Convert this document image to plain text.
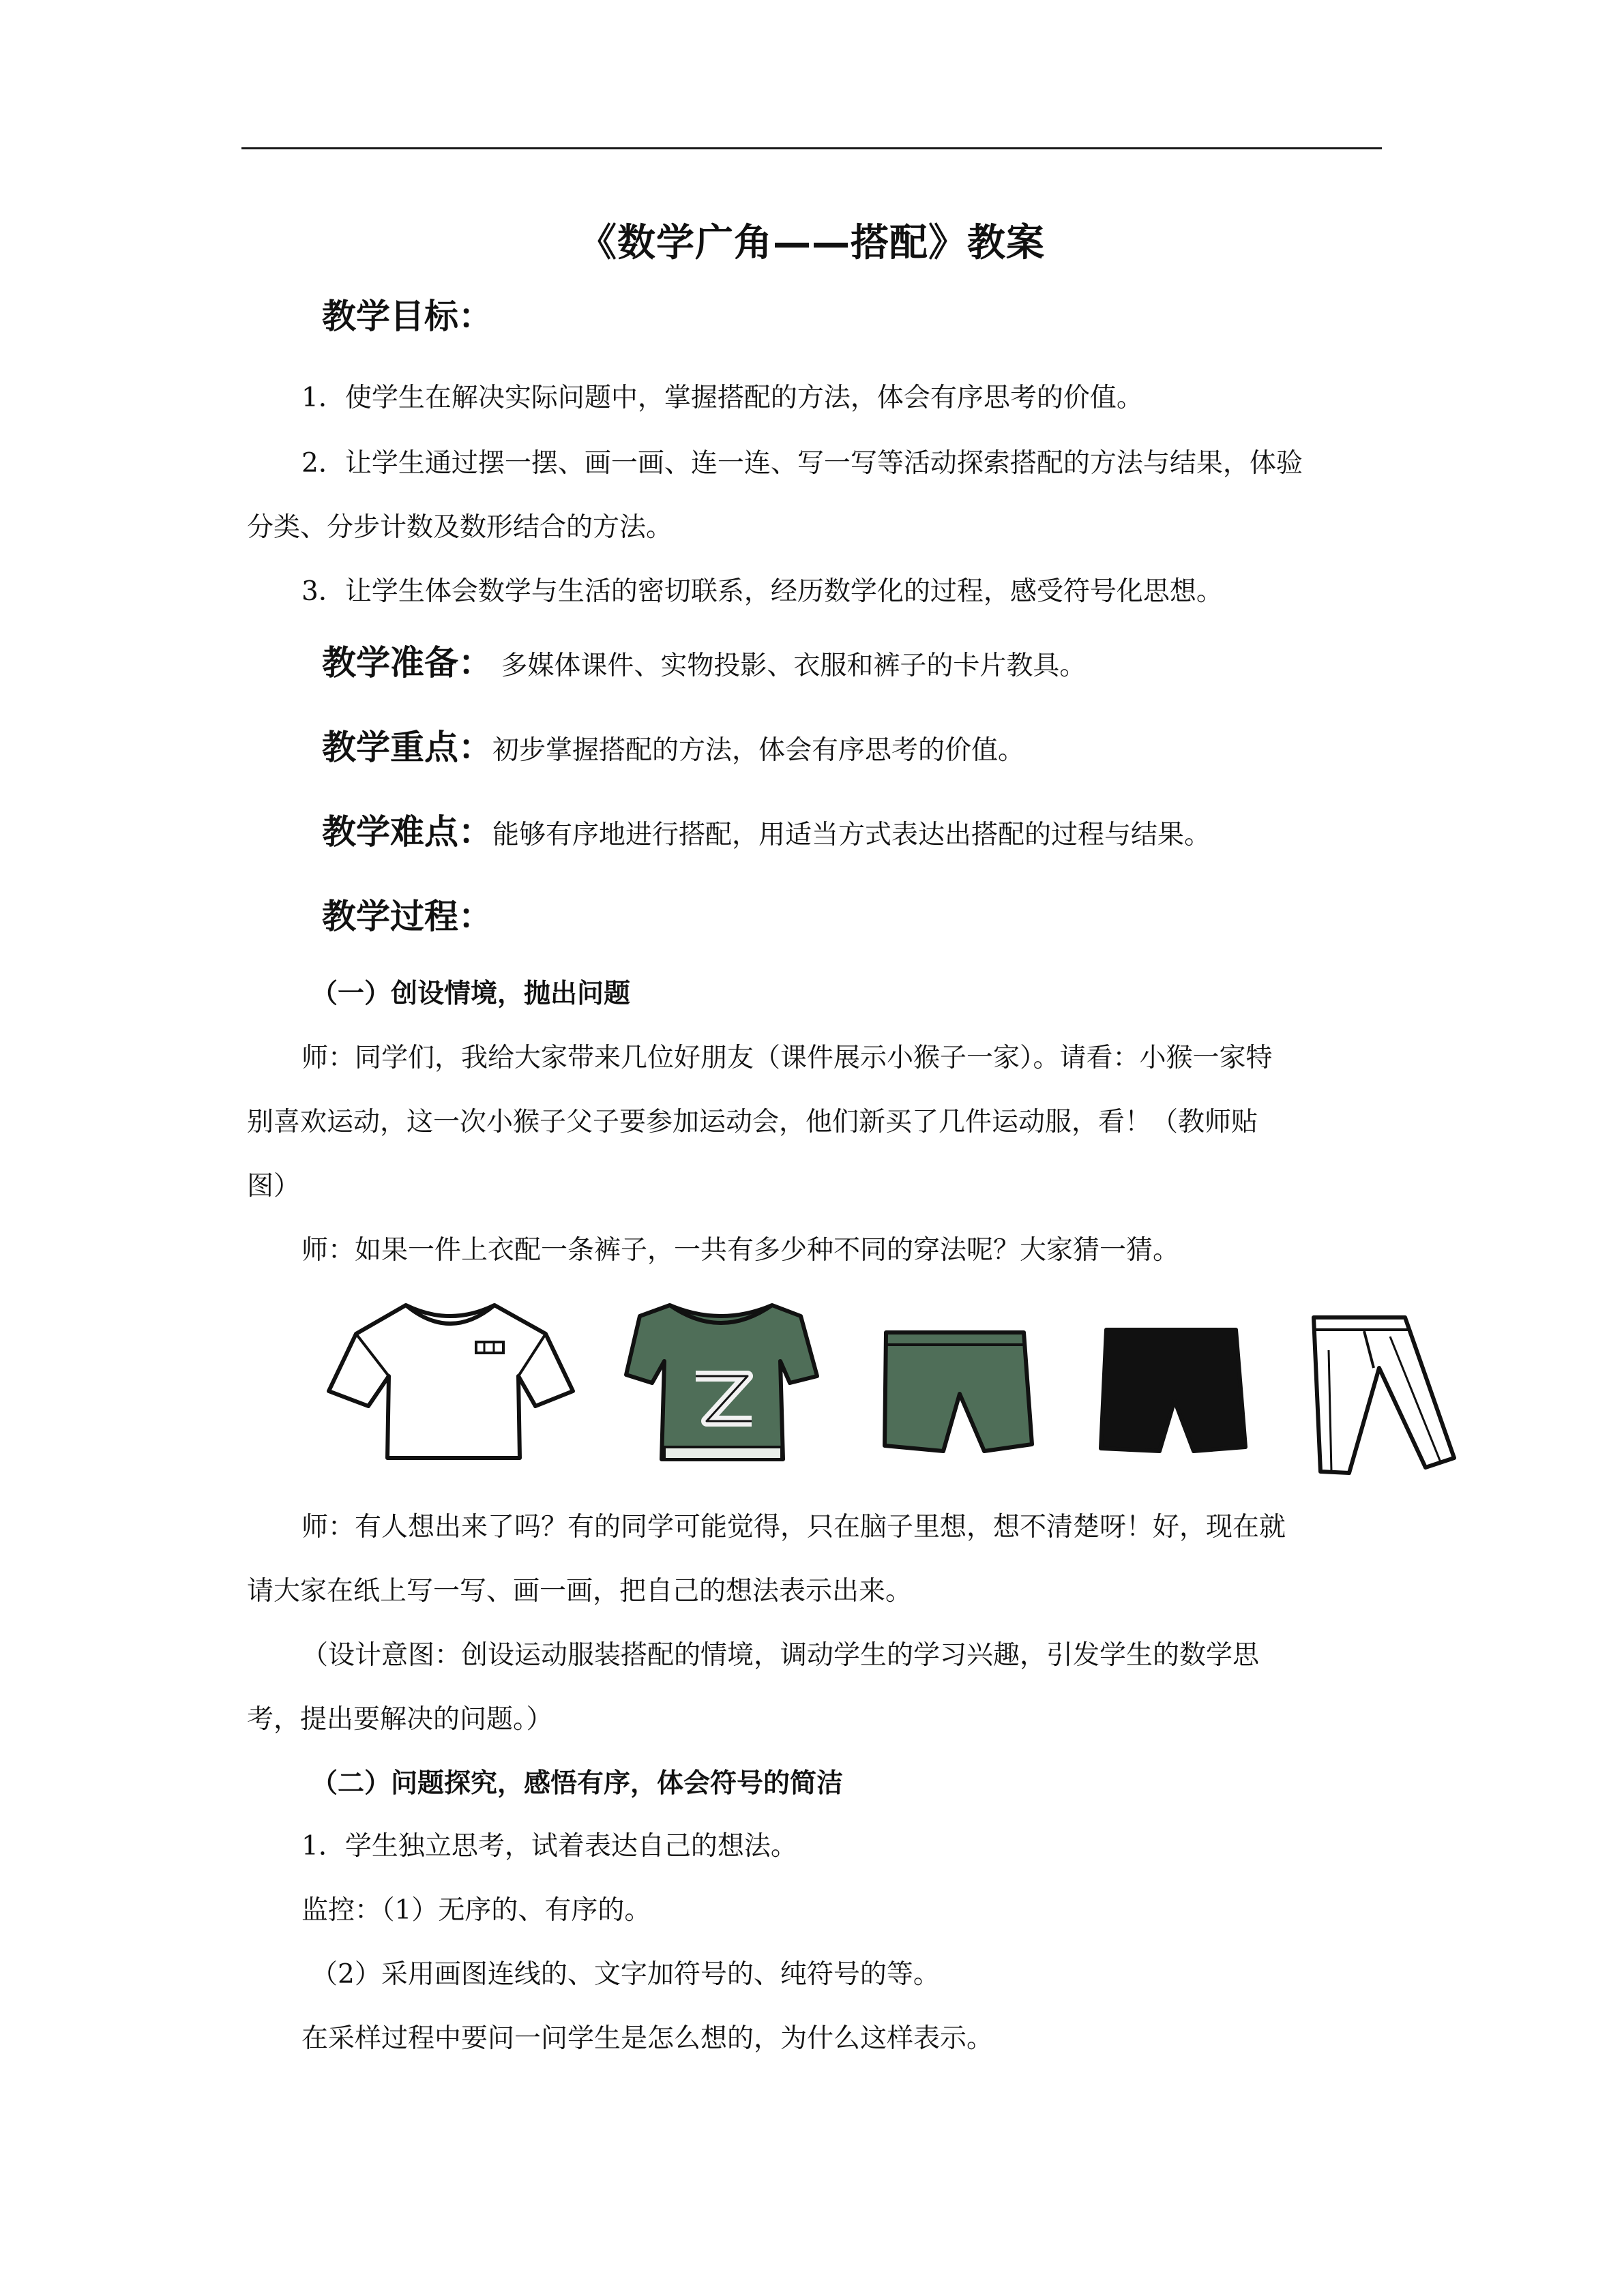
《数学广角——搭配》教案
教学目标：
1．使学生在解决实际问题中，掌握搭配的方法，体会有序思考的价值。
2．让学生通过摆一摆、画一画、连一连、写一写等活动探索搭配的方法与结果，体验
分类、分步计数及数形结合的方法。
3．让学生体会数学与生活的密切联系，经历数学化的过程，感受符号化思想。
教学准备： 多媒体课件、实物投影、衣服和裤子的卡片教具。
教学重点：初步掌握搭配的方法，体会有序思考的价值。
教学难点：能够有序地进行搭配，用适当方式表达出搭配的过程与结果。
教学过程：
（一）创设情境，抛出问题
师：同学们，我给大家带来几位好朋友（课件展示小猴子一家）。请看：小猴一家特
别喜欢运动，这一次小猴子父子要参加运动会，他们新买了几件运动服，看！（教师贴
图）
师：如果一件上衣配一条裤子，一共有多少种不同的穿法呢？大家猜一猜。
师：有人想出来了吗？有的同学可能觉得，只在脑子里想，想不清楚呀！好，现在就
请大家在纸上写一写、画一画，把自己的想法表示出来。
（设计意图：创设运动服装搭配的情境，调动学生的学习兴趣，引发学生的数学思
考，提出要解决的问题。）
（二）问题探究，感悟有序，体会符号的简洁
1．学生独立思考，试着表达自己的想法。
监控：（1）无序的、有序的。
（2）采用画图连线的、文字加符号的、纯符号的等。
在采样过程中要问一问学生是怎么想的，为什么这样表示。
